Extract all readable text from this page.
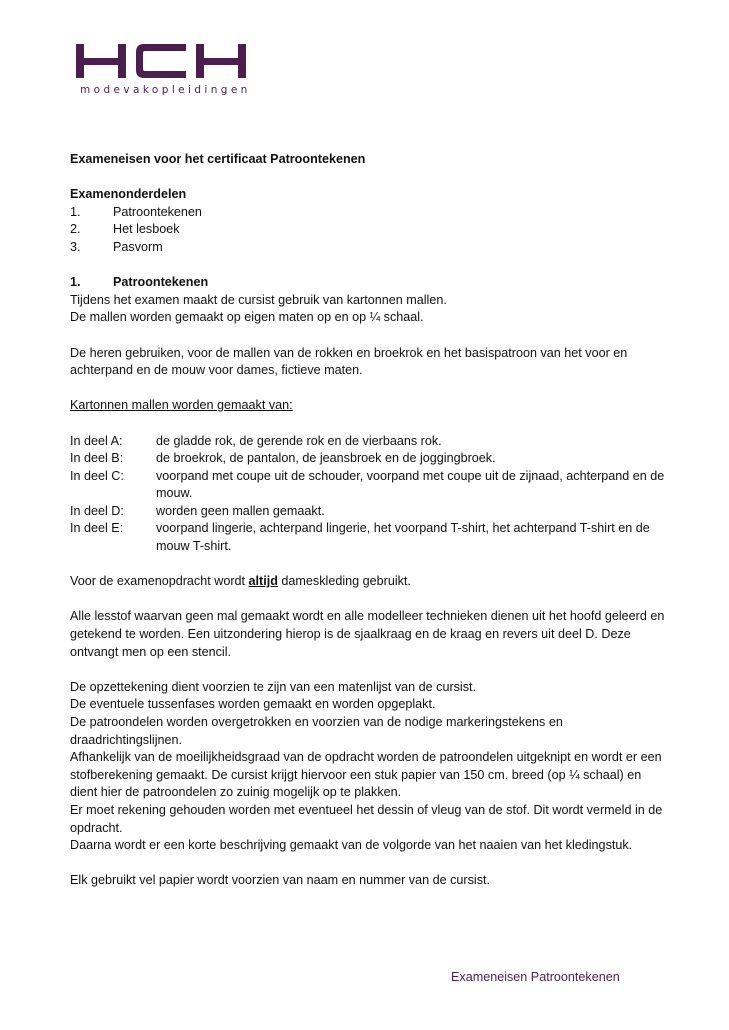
modevakopleidingen

Exameneisen voor het certificaat Patroontekenen

Examenonderdelen

1.	Patroontekenen
2.	Het lesboek
3.	Pasvorm
1.	Patroontekenen

Tijdens het examen maakt de cursist gebruik van kartonnen mallen.

De mallen worden gemaakt op eigen maten op en op ¼ schaal.

De heren gebruiken, voor de mallen van de rokken en broekrok en het basispatroon van het voor en achterpand en de mouw voor dames, fictieve maten.

Kartonnen mallen worden gemaakt van:

In deel A:	de gladde rok, de gerende rok en de vierbaans rok.
In deel B:	de broekrok, de pantalon, de jeansbroek en de joggingbroek.
In deel C:	voorpand met coupe uit de schouder, voorpand met coupe uit de zijnaad, achterpand en de mouw.
In deel D:	worden geen mallen gemaakt.
In deel E:	voorpand lingerie, achterpand lingerie, het voorpand T-shirt, het achterpand T-shirt en de mouw T-shirt.

Voor de examenopdracht wordt altijd dameskleding gebruikt.

Alle lesstof waarvan geen mal gemaakt wordt en alle modelleer technieken dienen uit het hoofd geleerd en getekend te worden. Een uitzondering hierop is de sjaalkraag en de kraag en revers uit deel D. Deze ontvangt men op een stencil.

De opzettekening dient voorzien te zijn van een matenlijst van de cursist.

De eventuele tussenfases worden gemaakt en worden opgeplakt.

De patroondelen worden overgetrokken en voorzien van de nodige markeringstekens en draadrichtingslijnen.

Afhankelijk van de moeilijkheidsgraad van de opdracht worden de patroondelen uitgeknipt en wordt er een stofberekening gemaakt. De cursist krijgt hiervoor een stuk papier van 150 cm. breed (op ¼ schaal) en dient hier de patroondelen zo zuinig mogelijk op te plakken.

Er moet rekening gehouden worden met eventueel het dessin of vleug van de stof. Dit wordt vermeld in de opdracht.

Daarna wordt er een korte beschrijving gemaakt van de volgorde van het naaien van het kledingstuk.

Elk gebruikt vel papier wordt voorzien van naam en nummer van de cursist.

Exameneisen Patroontekenen
